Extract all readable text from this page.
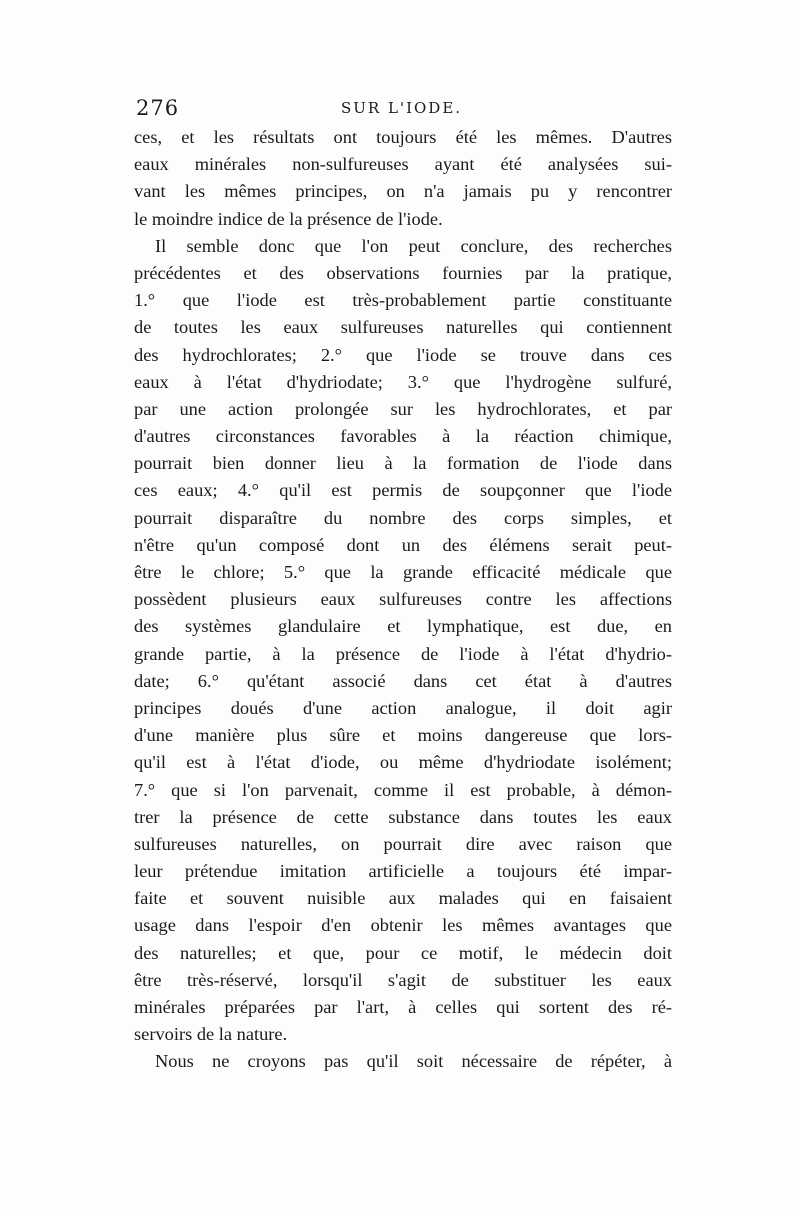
276	SUR L'IODE.
ces, et les résultats ont toujours été les mêmes. D'autres
eaux minérales non-sulfureuses ayant été analysées sui-
vant les mêmes principes, on n'a jamais pu y rencontrer
le moindre indice de la présence de l'iode.
Il semble donc que l'on peut conclure, des recherches
précédentes et des observations fournies par la pratique,
1.° que l'iode est très-probablement partie constituante
de toutes les eaux sulfureuses naturelles qui contiennent
des hydrochlorates; 2.° que l'iode se trouve dans ces
eaux à l'état d'hydriodate; 3.° que l'hydrogène sulfuré,
par une action prolongée sur les hydrochlorates, et par
d'autres circonstances favorables à la réaction chimique,
pourrait bien donner lieu à la formation de l'iode dans
ces eaux; 4.° qu'il est permis de soupçonner que l'iode
pourrait disparaître du nombre des corps simples, et
n'être qu'un composé dont un des élémens serait peut-
être le chlore; 5.° que la grande efficacité médicale que
possèdent plusieurs eaux sulfureuses contre les affections
des systèmes glandulaire et lymphatique, est due, en
grande partie, à la présence de l'iode à l'état d'hydrio-
date; 6.° qu'étant associé dans cet état à d'autres
principes doués d'une action analogue, il doit agir
d'une manière plus sûre et moins dangereuse que lors-
qu'il est à l'état d'iode, ou même d'hydriodate isolément;
7.° que si l'on parvenait, comme il est probable, à démon-
trer la présence de cette substance dans toutes les eaux
sulfureuses naturelles, on pourrait dire avec raison que
leur prétendue imitation artificielle a toujours été impar-
faite et souvent nuisible aux malades qui en faisaient
usage dans l'espoir d'en obtenir les mêmes avantages que
des naturelles; et que, pour ce motif, le médecin doit
être très-réservé, lorsqu'il s'agit de substituer les eaux
minérales préparées par l'art, à celles qui sortent des ré-
servoirs de la nature.
Nous ne croyons pas qu'il soit nécessaire de répéter, à
